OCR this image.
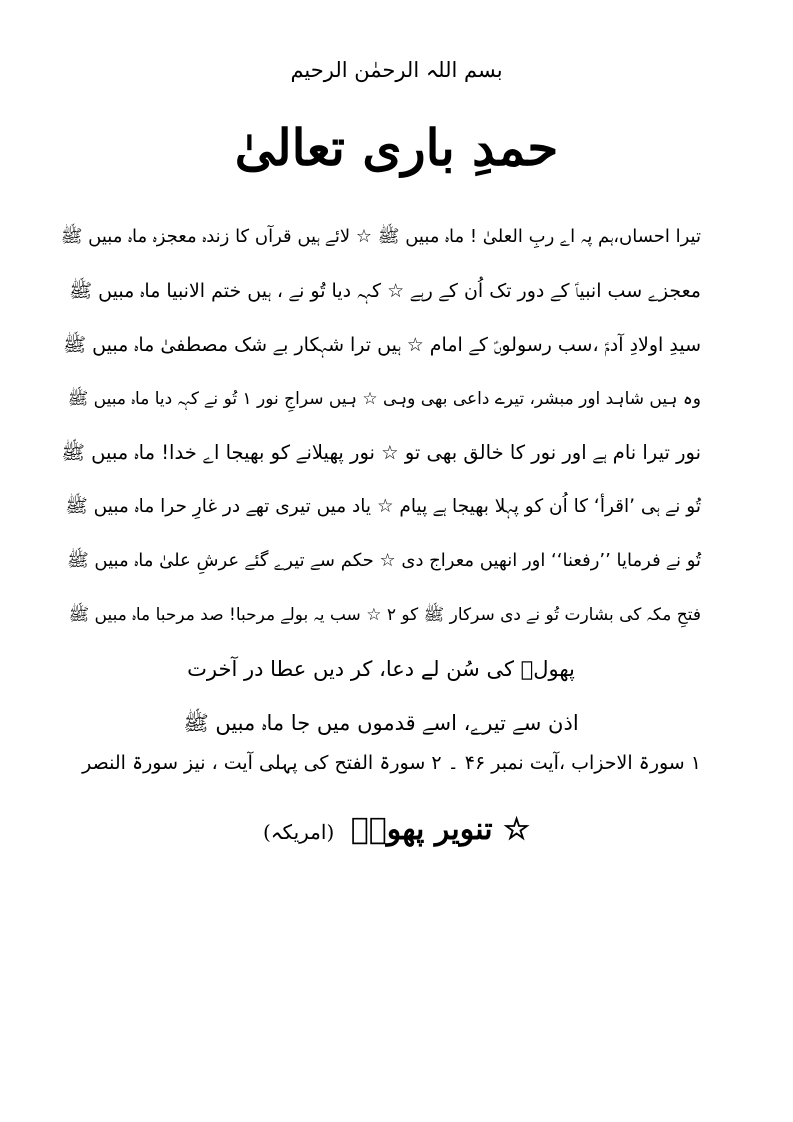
بسم اللہ الرحمٰن الرحیم
حمدِ باری تعالیٰ
تیرا احساں،ہم پہ اے ربِ العلیٰ ! ماہ مبیں ﷺ ☆ لائے ہیں قرآں کا زندہ معجزہ ماہ مبیں ﷺ
معجزے سب انبیاؑ کے دور تک اُن کے رہے ☆ کہہ دیا تُو نے ، ہیں ختم الانبیا ماہ مبیں ﷺ
سیدِ اولادِ آدمؑ ،سب رسولوںؑ کے امام ☆ ہیں ترا شہکار بے شک مصطفیٰ ماہ مبیں ﷺ
وہ ہیں شاہد اور مبشر، تیرے داعی بھی وہی ☆ ہیں سراجِ نور ۱ تُو نے کہہ دیا ماہ مبیں ﷺ
نور تیرا نام ہے اور نور کا خالق بھی تو ☆ نور پھیلانے کو بھیجا اے خدا! ماہ مبیں ﷺ
تُو نے ہی ’اقرأ‘ کا اُن کو پہلا بھیجا ہے پیام ☆ یاد میں تیری تھے در غارِ حرا ماہ مبیں ﷺ
تُو نے فرمایا ’’رفعنا‘‘ اور انھیں معراج دی ☆ حکم سے تیرے گئے عرشِ علیٰ ماہ مبیں ﷺ
فتحِ مکہ کی بشارت تُو نے دی سرکار ﷺ کو ۲ ☆ سب یہ بولے مرحبا! صد مرحبا ماہ مبیں ﷺ
پھولؔ کی سُن لے دعا، کر دیں عطا در آخرت
اذن سے تیرے، اسے قدموں میں جا ماہ مبیں ﷺ
۱ سورۃ الاحزاب ،آیت نمبر ۴۶ ۔ ۲ سورۃ الفتح کی پہلی آیت ، نیز سورۃ النصر
☆ تنویر پھولؔ (امریکہ)
